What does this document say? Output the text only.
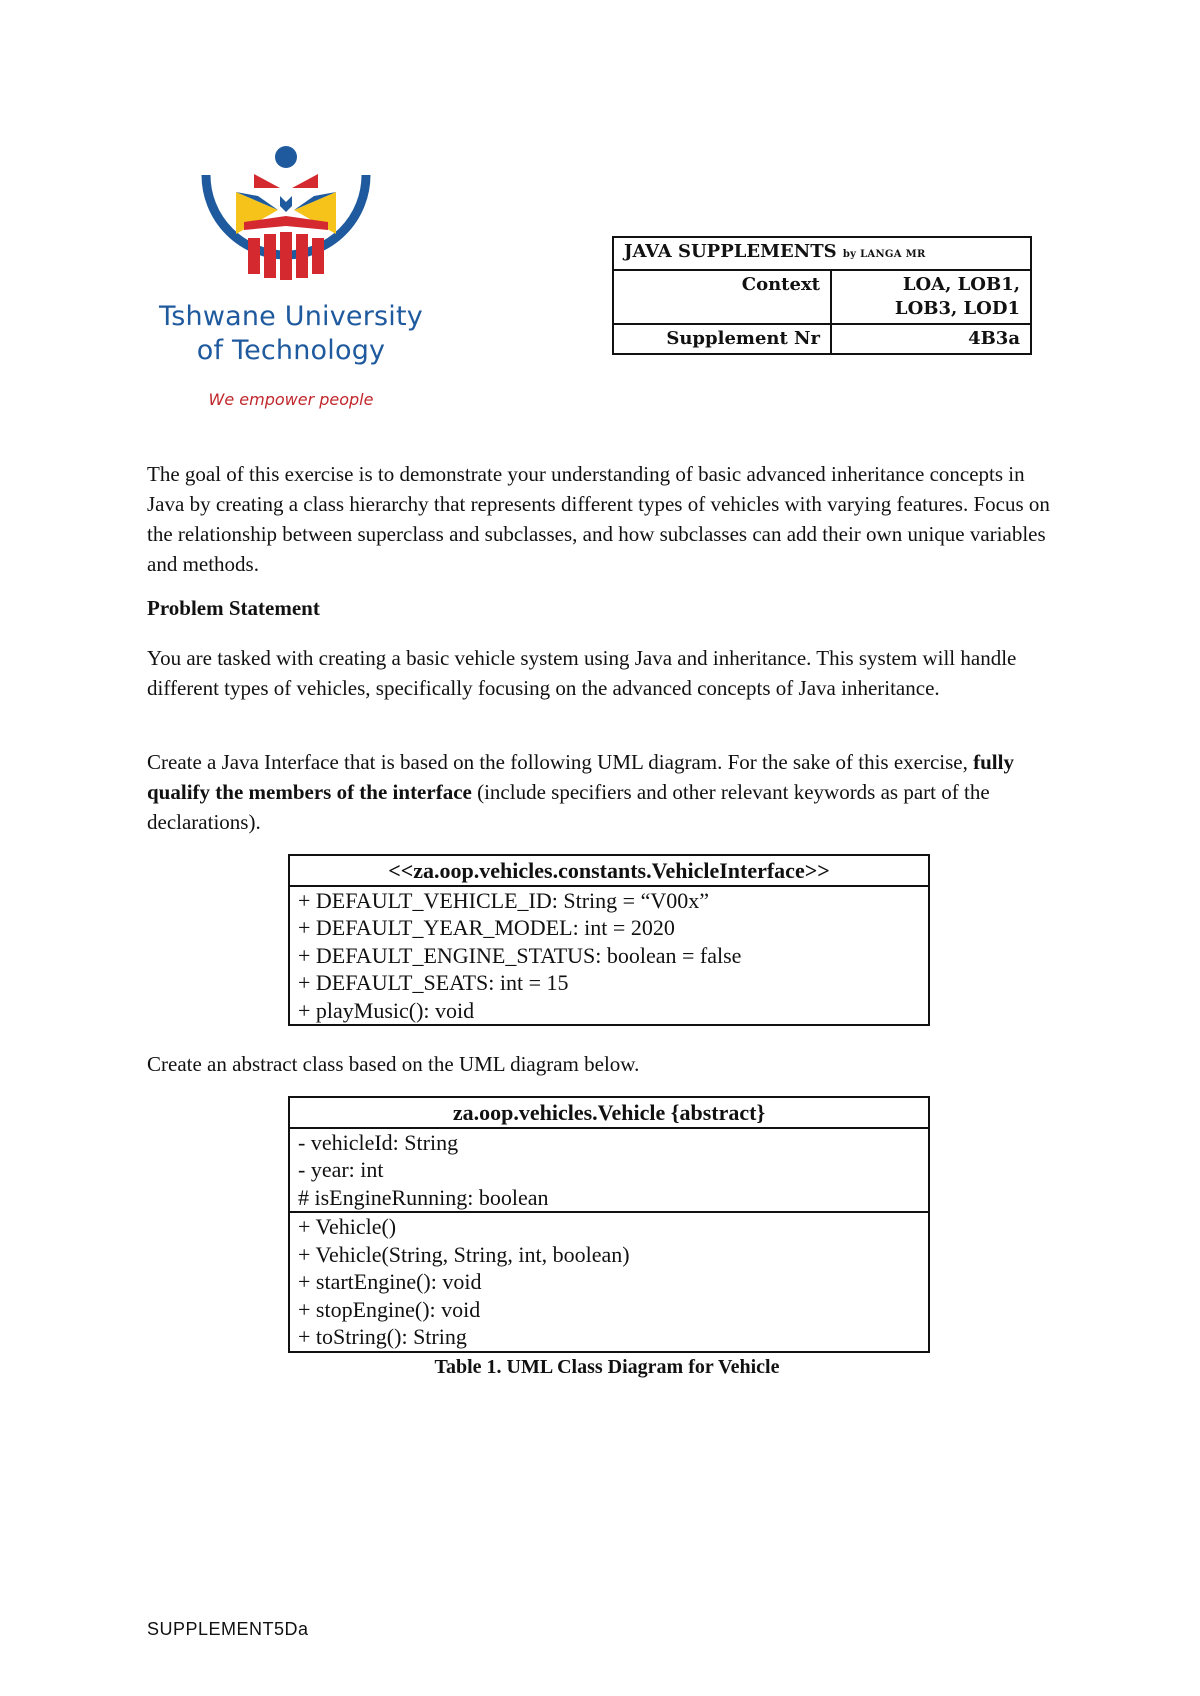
Tshwane University
of Technology
We empower people
JAVA SUPPLEMENTS by LANGA MR	
Context	LOA, LOB1,
LOB3, LOD1

Supplement Nr	4B3a

The goal of this exercise is to demonstrate your understanding of basic advanced inheritance concepts in Java by creating a class hierarchy that represents different types of vehicles with varying features. Focus on the relationship between superclass and subclasses, and how subclasses can add their own unique variables and methods.

Problem Statement

You are tasked with creating a basic vehicle system using Java and inheritance. This system will handle different types of vehicles, specifically focusing on the advanced concepts of Java inheritance.

Create a Java Interface that is based on the following UML diagram. For the sake of this exercise, fully qualify the members of the interface (include specifiers and other relevant keywords as part of the declarations).

<<za.oop.vehicles.constants.VehicleInterface>>
+ DEFAULT_VEHICLE_ID: String = “V00x”
+ DEFAULT_YEAR_MODEL: int = 2020
+ DEFAULT_ENGINE_STATUS: boolean = false
+ DEFAULT_SEATS: int = 15
+ playMusic(): void

Create an abstract class based on the UML diagram below.

za.oop.vehicles.Vehicle {abstract}
- vehicleId: String
- year: int
# isEngineRunning: boolean
+ Vehicle()
+ Vehicle(String, String, int, boolean)
+ startEngine(): void
+ stopEngine(): void
+ toString(): String
Table 1. UML Class Diagram for Vehicle
SUPPLEMENT5Da
